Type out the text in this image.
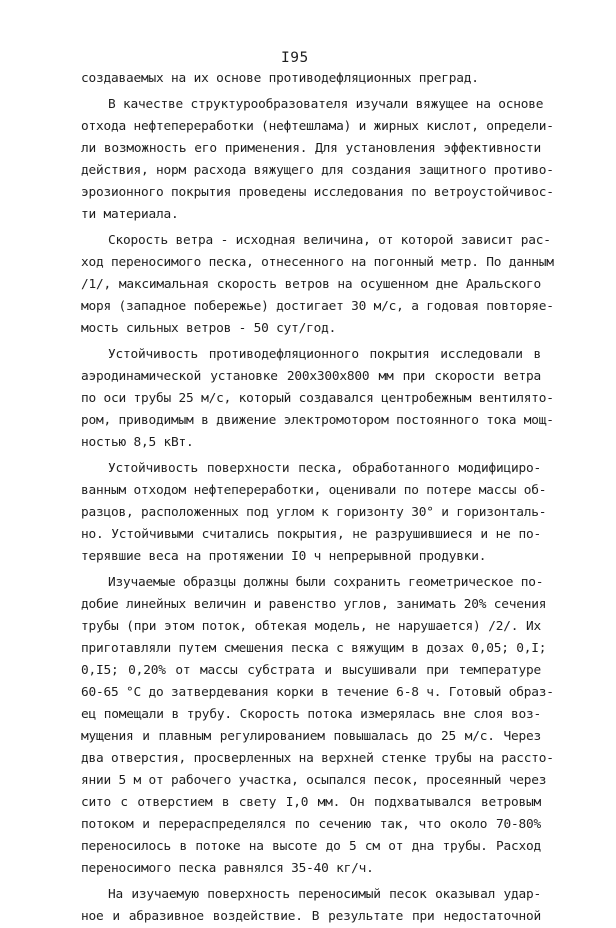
I95
создаваемых на их основе противодефляционных преград.
В качестве структурообразователя изучали вяжущее на основе
отхода нефтепереработки (нефтешлама) и жирных кислот, определи-
ли возможность его применения. Для установления эффективности
действия, норм расхода вяжущего для создания защитного противо-
эрозионного покрытия проведены исследования по ветроустойчивос-
ти материала.
Скорость ветра - исходная величина, от которой зависит рас-
ход переносимого песка, отнесенного на погонный метр. По данным
/1/, максимальная скорость ветров на осушенном дне Аральского
моря (западное побережье) достигает 30 м/с, а годовая повторяе-
мость сильных ветров - 50 сут/год.
Устойчивость противодефляционного покрытия исследовали в
аэродинамической установке 200х300х800 мм при скорости ветра
по оси трубы 25 м/с, который создавался центробежным вентилято-
ром, приводимым в движение электромотором постоянного тока мощ-
ностью 8,5 кВт.
Устойчивость поверхности песка, обработанного модифициро-
ванным отходом нефтепереработки, оценивали по потере массы об-
разцов, расположенных под углом к горизонту 30° и горизонталь-
но. Устойчивыми считались покрытия, не разрушившиеся и не по-
терявшие веса на протяжении I0 ч непрерывной продувки.
Изучаемые образцы должны были сохранить геометрическое по-
добие линейных величин и равенство углов, занимать 20% сечения
трубы (при этом поток, обтекая модель, не нарушается) /2/. Их
приготавляли путем смешения песка с вяжущим в дозах 0,05; 0,I;
0,I5; 0,20% от массы субстрата и высушивали при температуре
60-65 °С до затвердевания корки в течение 6-8 ч. Готовый образ-
ец помещали в трубу. Скорость потока измерялась вне слоя воз-
мущения и плавным регулированием повышалась до 25 м/с. Через
два отверстия, просверленных на верхней стенке трубы на рассто-
янии 5 м от рабочего участка, осыпался песок, просеянный через
сито с отверстием в свету I,0 мм. Он подхватывался ветровым
потоком и перераспределялся по сечению так, что около 70-80%
переносилось в потоке на высоте до 5 см от дна трубы. Расход
переносимого песка равнялся 35-40 кг/ч.
На изучаемую поверхность переносимый песок оказывал удар-
ное и абразивное воздействие. В результате при недостаточной
